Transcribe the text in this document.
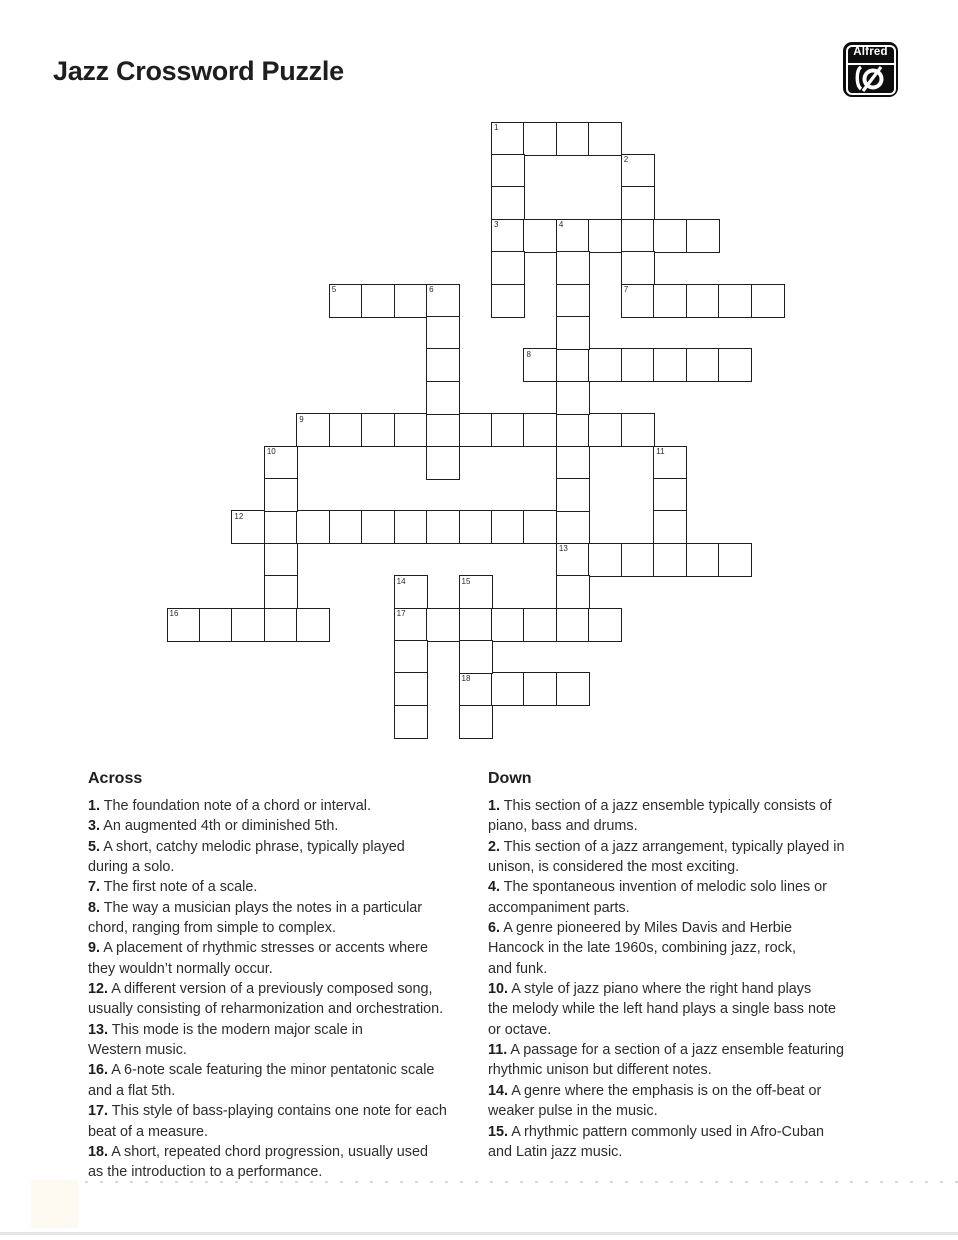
Jazz Crossword Puzzle
Alfred
1
3	4
5	6	7
8
9
12
13
16	17
18
2
10	11
14	15
Across
1. The foundation note of a chord or interval.
3. An augmented 4th or diminished 5th.
5. A short, catchy melodic phrase, typically played
during a solo.
7. The first note of a scale.
8. The way a musician plays the notes in a particular
chord, ranging from simple to complex.
9. A placement of rhythmic stresses or accents where
they wouldn’t normally occur.
12. A different version of a previously composed song,
usually consisting of reharmonization and orchestration.
13. This mode is the modern major scale in
Western music.
16. A 6-note scale featuring the minor pentatonic scale
and a flat 5th.
17. This style of bass-playing contains one note for each
beat of a measure.
18. A short, repeated chord progression, usually used
as the introduction to a performance.
Down
1. This section of a jazz ensemble typically consists of
piano, bass and drums.
2. This section of a jazz arrangement, typically played in
unison, is considered the most exciting.
4. The spontaneous invention of melodic solo lines or
accompaniment parts.
6. A genre pioneered by Miles Davis and Herbie
Hancock in the late 1960s, combining jazz, rock,
and funk.
10. A style of jazz piano where the right hand plays
the melody while the left hand plays a single bass note
or octave.
11. A passage for a section of a jazz ensemble featuring
rhythmic unison but different notes.
14. A genre where the emphasis is on the off-beat or
weaker pulse in the music.
15. A rhythmic pattern commonly used in Afro-Cuban
and Latin jazz music.
